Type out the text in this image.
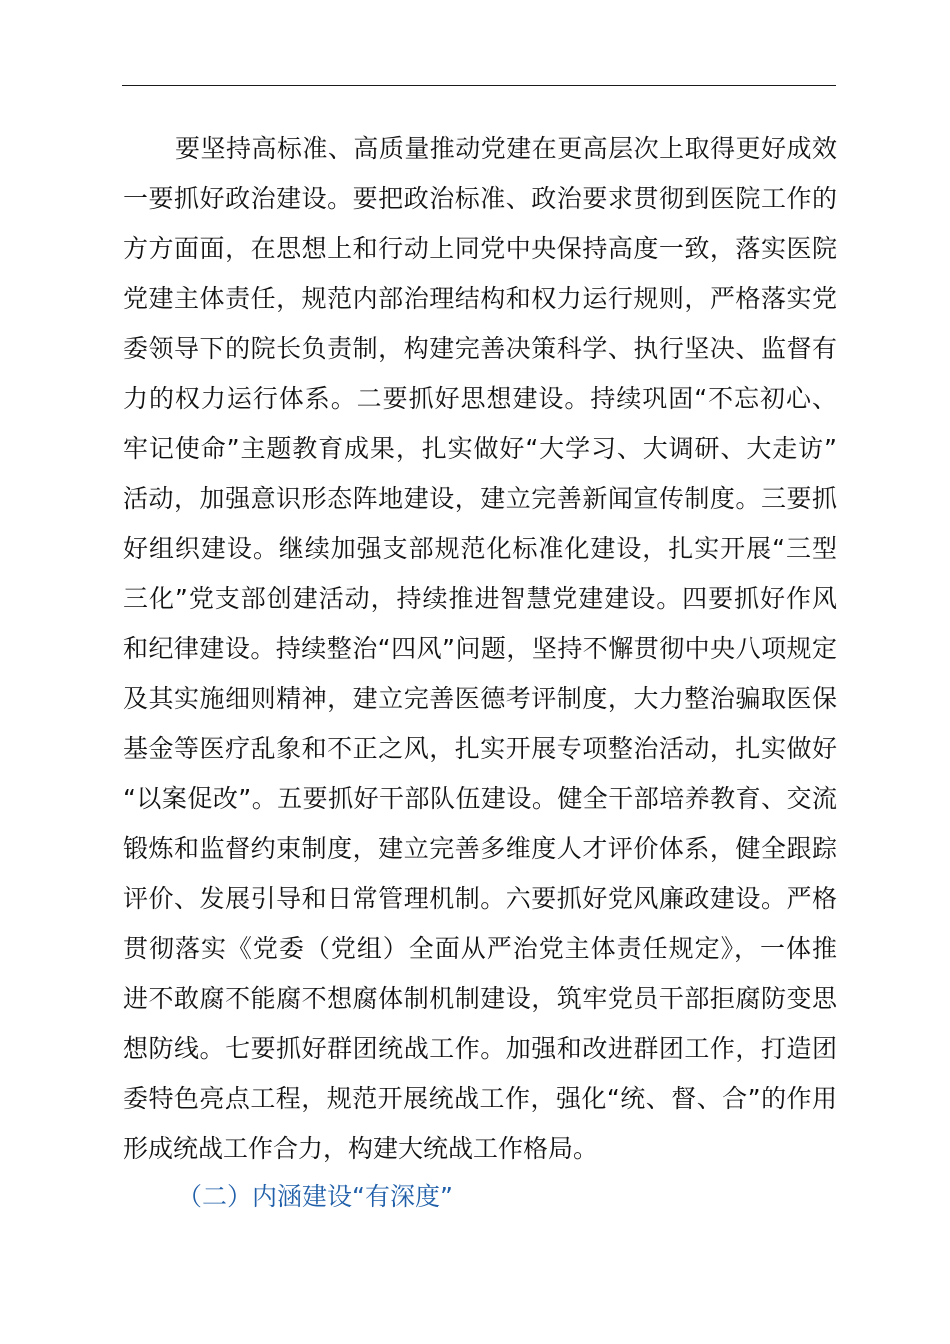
要坚持高标准、高质量推动党建在更高层次上取得更好成效
一要抓好政治建设。要把政治标准、政治要求贯彻到医院工作的
方方面面，在思想上和行动上同党中央保持高度一致，落实医院
党建主体责任，规范内部治理结构和权力运行规则，严格落实党
委领导下的院长负责制，构建完善决策科学、执行坚决、监督有
力的权力运行体系。二要抓好思想建设。持续巩固“不忘初心、
牢记使命”主题教育成果，扎实做好“大学习、大调研、大走访”
活动，加强意识形态阵地建设，建立完善新闻宣传制度。三要抓
好组织建设。继续加强支部规范化标准化建设，扎实开展“三型
三化”党支部创建活动，持续推进智慧党建建设。四要抓好作风
和纪律建设。持续整治“四风”问题，坚持不懈贯彻中央八项规定
及其实施细则精神，建立完善医德考评制度，大力整治骗取医保
基金等医疗乱象和不正之风，扎实开展专项整治活动，扎实做好
“以案促改”。五要抓好干部队伍建设。健全干部培养教育、交流
锻炼和监督约束制度，建立完善多维度人才评价体系，健全跟踪
评价、发展引导和日常管理机制。六要抓好党风廉政建设。严格
贯彻落实《党委（党组）全面从严治党主体责任规定》，一体推
进不敢腐不能腐不想腐体制机制建设，筑牢党员干部拒腐防变思
想防线。七要抓好群团统战工作。加强和改进群团工作，打造团
委特色亮点工程，规范开展统战工作，强化“统、督、合”的作用
形成统战工作合力，构建大统战工作格局。
（二）内涵建设“有深度”
